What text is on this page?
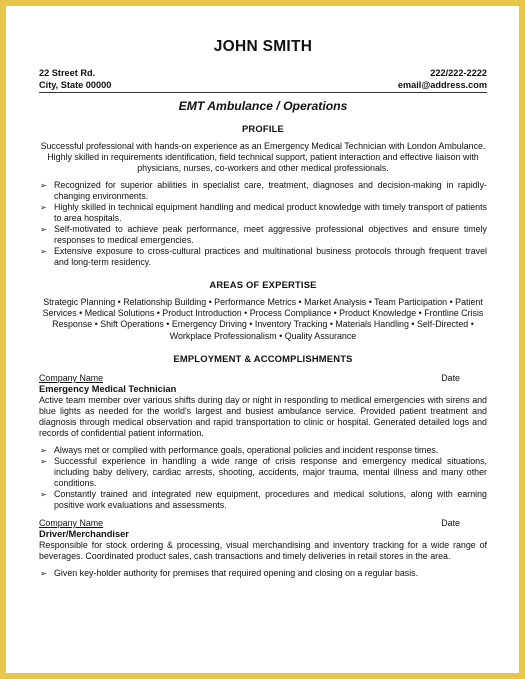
JOHN SMITH
22 Street Rd.
City, State 00000
222/222-2222
email@address.com
EMT Ambulance / Operations
PROFILE
Successful professional with hands-on experience as an Emergency Medical Technician with London Ambulance. Highly skilled in requirements identification, field technical support, patient interaction and effective liaison with physicians, nurses, co-workers and other medical professionals.
➢ Recognized for superior abilities in specialist care, treatment, diagnoses and decision-making in rapidly-changing environments.
➢ Highly skilled in technical equipment handling and medical product knowledge with timely transport of patients to area hospitals.
➢ Self-motivated to achieve peak performance, meet aggressive professional objectives and ensure timely responses to medical emergencies.
➢ Extensive exposure to cross-cultural practices and multinational business protocols through frequent travel and long-term residency.
AREAS OF EXPERTISE
Strategic Planning • Relationship Building • Performance Metrics • Market Analysis • Team Participation • Patient Services • Medical Solutions • Product Introduction • Process Compliance • Product Knowledge • Frontline Crisis Response • Shift Operations • Emergency Driving • Inventory Tracking • Materials Handling • Self-Directed • Workplace Professionalism • Quality Assurance
EMPLOYMENT & ACCOMPLISHMENTS
Company Name	Date
Emergency Medical Technician
Active team member over various shifts during day or night in responding to medical emergencies with sirens and blue lights as needed for the world's largest and busiest ambulance service. Provided patient treatment and diagnosis through medical observation and rapid transportation to clinic or hospital. Generated detailed logs and records of confidential patient information.
➢ Always met or complied with performance goals, operational policies and incident response times.
➢ Successful experience in handling a wide range of crisis response and emergency medical situations, including baby delivery, cardiac arrests, shooting, accidents, major trauma, mental illness and many other conditions.
➢ Constantly trained and integrated new equipment, procedures and medical solutions, along with earning positive work evaluations and assessments.
Company Name	Date
Driver/Merchandiser
Responsible for stock ordering & processing, visual merchandising and inventory tracking for a wide range of beverages. Coordinated product sales, cash transactions and timely deliveries in retail stores in the area.
➢ Given key-holder authority for premises that required opening and closing on a regular basis.
